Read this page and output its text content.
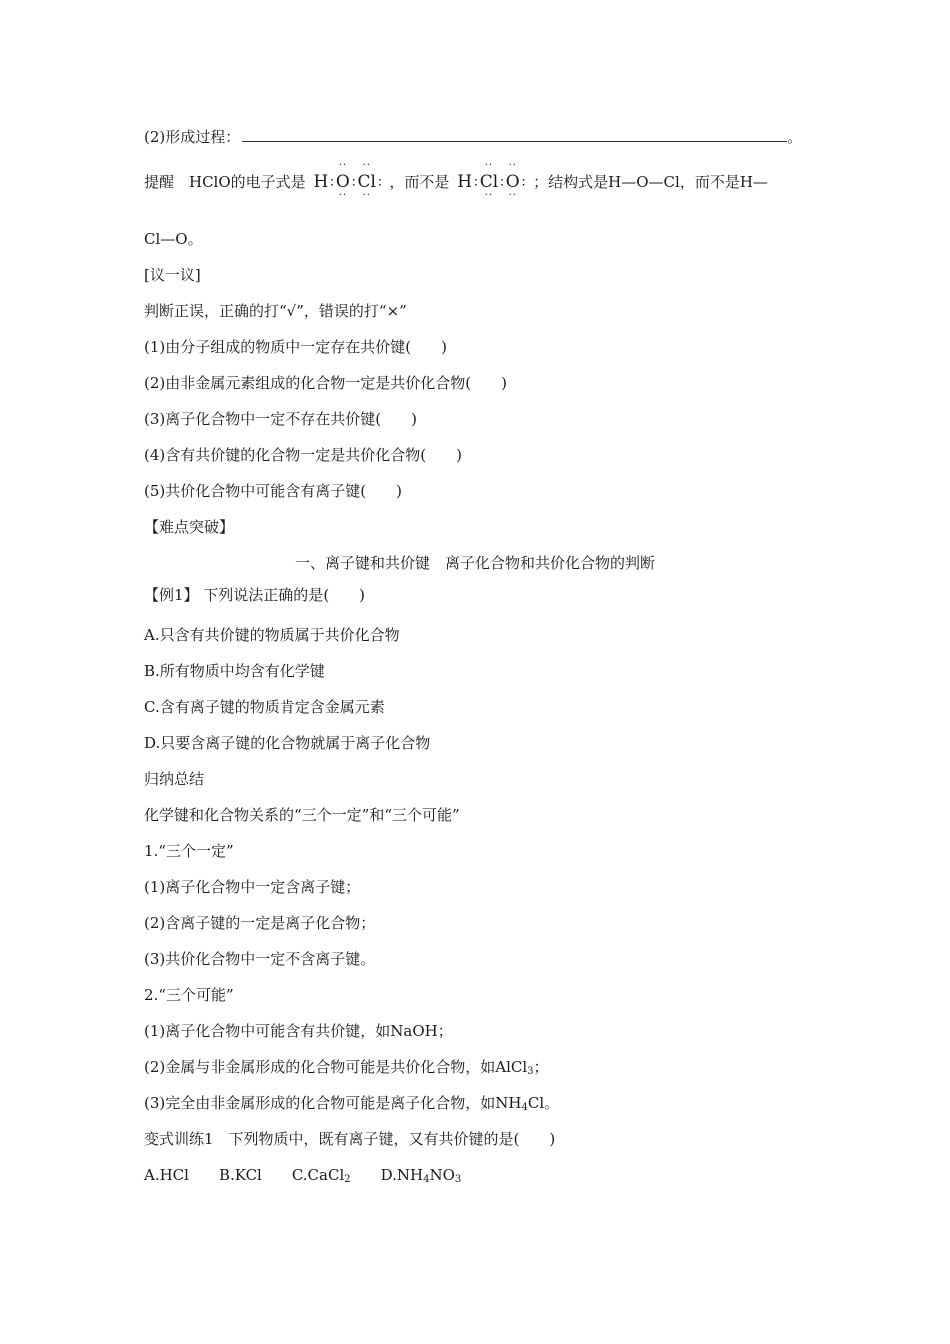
(2)形成过程：	。
提醒　HClO的电子式是 H ∶
··
O
··
∶
··
Cl
··
∶ ，而不是 H ∶
··
Cl
··
∶
··
O
··
∶ ；结构式是H—O—Cl，而不是H—
Cl—O。
[议一议]
判断正误，正确的打“√”，错误的打“×”
(1)由分子组成的物质中一定存在共价键(　　)
(2)由非金属元素组成的化合物一定是共价化合物(　　)
(3)离子化合物中一定不存在共价键(　　)
(4)含有共价键的化合物一定是共价化合物(　　)
(5)共价化合物中可能含有离子键(　　)
【难点突破】
一、离子键和共价键　离子化合物和共价化合物的判断
【例1】 下列说法正确的是(　　)
A.只含有共价键的物质属于共价化合物
B.所有物质中均含有化学键
C.含有离子键的物质肯定含金属元素
D.只要含离子键的化合物就属于离子化合物
归纳总结
化学键和化合物关系的“三个一定”和“三个可能”
1.“三个一定”
(1)离子化合物中一定含离子键；
(2)含离子键的一定是离子化合物；
(3)共价化合物中一定不含离子键。
2.“三个可能”
(1)离子化合物中可能含有共价键，如NaOH；
(2)金属与非金属形成的化合物可能是共价化合物，如AlCl$_3$；
(3)完全由非金属形成的化合物可能是离子化合物，如$NH_4Cl$。
变式训练1　下列物质中，既有离子键，又有共价键的是(　　)
A.HCl B.KCl C.CaCl$_2$ $D.NH_4NO_3$
